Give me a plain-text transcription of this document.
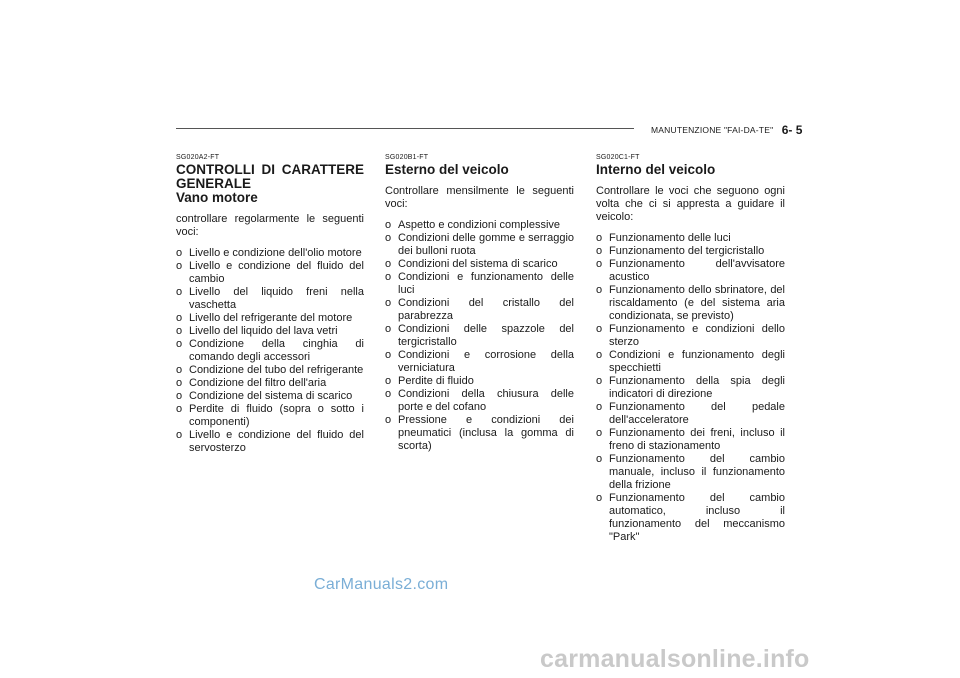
MANUTENZIONE "FAI-DA-TE" 6- 5
SG020A2-FT
CONTROLLI DI CARATTERE GENERALE
Vano motore
controllare regolarmente le seguenti voci:
o Livello e condizione dell'olio motore
o Livello e condizione del fluido del cambio
o Livello del liquido freni nella vaschetta
o Livello del refrigerante del motore
o Livello del liquido del lava vetri
o Condizione della cinghia di comando degli accessori
o Condizione del tubo del refrigerante
o Condizione del filtro dell'aria
o Condizione del sistema di scarico
o Perdite di fluido (sopra o sotto i componenti)
o Livello e condizione del fluido del servosterzo
SG020B1-FT
Esterno del veicolo
Controllare mensilmente le seguenti voci:
o Aspetto e condizioni complessive
o Condizioni delle gomme e serraggio dei bulloni ruota
o Condizioni del sistema di scarico
o Condizioni e funzionamento delle luci
o Condizioni del cristallo del parabrezza
o Condizioni delle spazzole del tergicristallo
o Condizioni e corrosione della verniciatura
o Perdite di fluido
o Condizioni della chiusura delle porte e del cofano
o Pressione e condizioni dei pneumatici (inclusa la gomma di scorta)
SG020C1-FT
Interno del veicolo
Controllare le voci che seguono ogni volta che ci si appresta a guidare il veicolo:
o Funzionamento delle luci
o Funzionamento del tergicristallo
o Funzionamento dell'avvisatore acustico
o Funzionamento dello sbrinatore, del riscaldamento (e del sistema aria condizionata, se previsto)
o Funzionamento e condizioni dello sterzo
o Condizioni e funzionamento degli specchietti
o Funzionamento della spia degli indicatori di direzione
o Funzionamento del pedale dell'acceleratore
o Funzionamento dei freni, incluso il freno di stazionamento
o Funzionamento del cambio manuale, incluso il funzionamento della frizione
o Funzionamento del cambio automatico, incluso il funzionamento del meccanismo "Park"
CarManuals2.com
carmanualsonline.info
